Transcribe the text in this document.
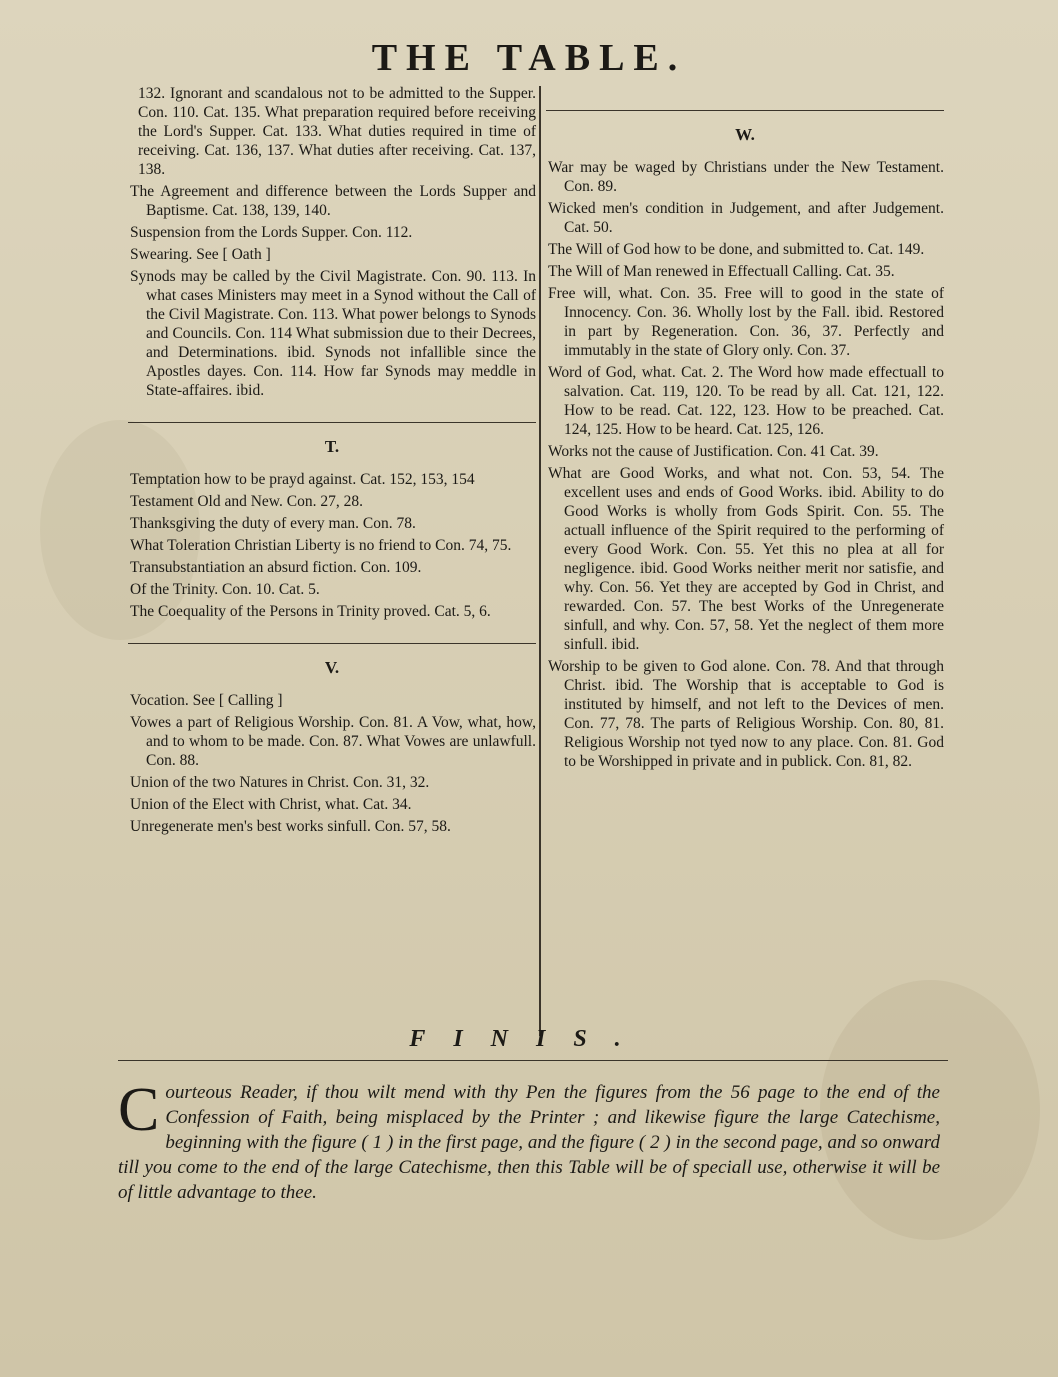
THE TABLE.

132. Ignorant and scandalous not to be admitted to the Supper. Con. 110. Cat. 135. What preparation required before receiving the Lord's Supper. Cat. 133. What duties required in time of receiving. Cat. 136, 137. What duties after receiving. Cat. 137, 138.

The Agreement and difference between the Lords Supper and Baptisme. Cat. 138, 139, 140.

Suspension from the Lords Supper. Con. 112.

Swearing. See [ Oath ]

Synods may be called by the Civil Magistrate. Con. 90. 113. In what cases Ministers may meet in a Synod without the Call of the Civil Magistrate. Con. 113. What power belongs to Synods and Councils. Con. 114 What submission due to their Decrees, and Determinations. ibid. Synods not infallible since the Apostles dayes. Con. 114. How far Synods may meddle in State-affaires. ibid.

T.

Temptation how to be prayd against. Cat. 152, 153, 154

Testament Old and New. Con. 27, 28.

Thanksgiving the duty of every man. Con. 78.

What Toleration Christian Liberty is no friend to Con. 74, 75.

Transubstantiation an absurd fiction. Con. 109.

Of the Trinity. Con. 10. Cat. 5.

The Coequality of the Persons in Trinity proved. Cat. 5, 6.

V.

Vocation. See [ Calling ]

Vowes a part of Religious Worship. Con. 81. A Vow, what, how, and to whom to be made. Con. 87. What Vowes are unlawfull. Con. 88.

Union of the two Natures in Christ. Con. 31, 32.

Union of the Elect with Christ, what. Cat. 34.

Unregenerate men's best works sinfull. Con. 57, 58.

W.

War may be waged by Christians under the New Testament. Con. 89.

Wicked men's condition in Judgement, and after Judgement. Cat. 50.

The Will of God how to be done, and submitted to. Cat. 149.

The Will of Man renewed in Effectuall Calling. Cat. 35.

Free will, what. Con. 35. Free will to good in the state of Innocency. Con. 36. Wholly lost by the Fall. ibid. Restored in part by Regeneration. Con. 36, 37. Perfectly and immutably in the state of Glory only. Con. 37.

Word of God, what. Cat. 2. The Word how made effectuall to salvation. Cat. 119, 120. To be read by all. Cat. 121, 122. How to be read. Cat. 122, 123. How to be preached. Cat. 124, 125. How to be heard. Cat. 125, 126.

Works not the cause of Justification. Con. 41 Cat. 39.

What are Good Works, and what not. Con. 53, 54. The excellent uses and ends of Good Works. ibid. Ability to do Good Works is wholly from Gods Spirit. Con. 55. The actuall influence of the Spirit required to the performing of every Good Work. Con. 55. Yet this no plea at all for negligence. ibid. Good Works neither merit nor satisfie, and why. Con. 56. Yet they are accepted by God in Christ, and rewarded. Con. 57. The best Works of the Unregenerate sinfull, and why. Con. 57, 58. Yet the neglect of them more sinfull. ibid.

Worship to be given to God alone. Con. 78. And that through Christ. ibid. The Worship that is acceptable to God is instituted by himself, and not left to the Devices of men. Con. 77, 78. The parts of Religious Worship. Con. 80, 81. Religious Worship not tyed now to any place. Con. 81. God to be Worshipped in private and in publick. Con. 81, 82.

FINIS.
Courteous Reader, if thou wilt mend with thy Pen the figures from the 56 page to the end of the Confession of Faith, being misplaced by the Printer ; and likewise figure the large Catechisme, beginning with the figure ( 1 ) in the first page, and the figure ( 2 ) in the second page, and so onward till you come to the end of the large Catechisme, then this Table will be of speciall use, otherwise it will be of little advantage to thee.
